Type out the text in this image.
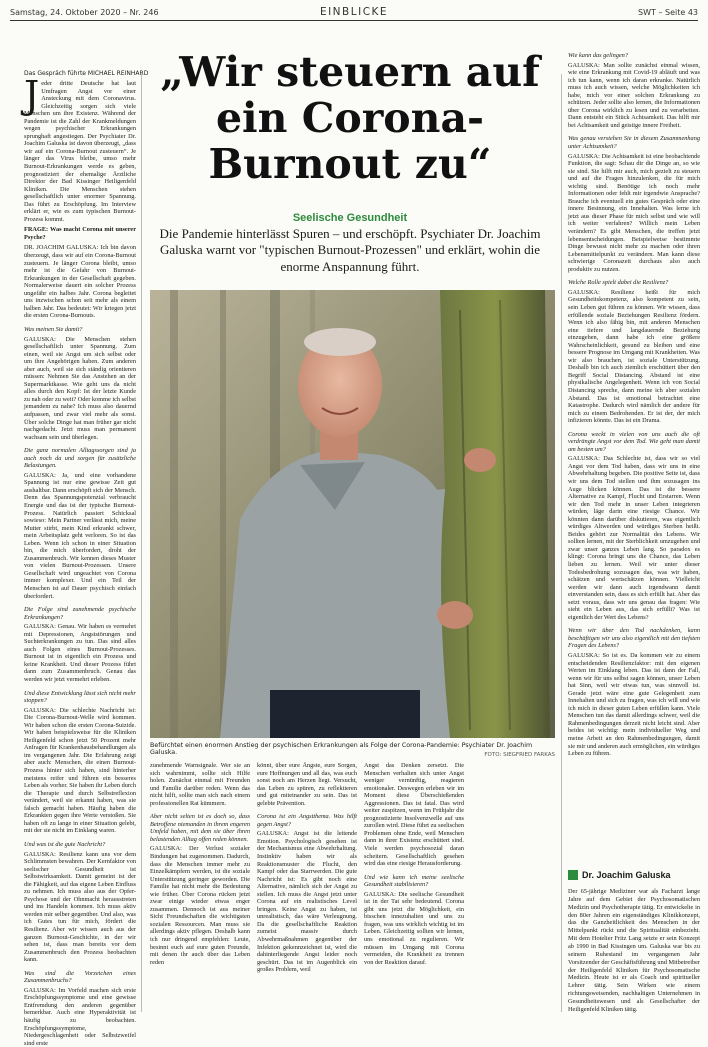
Samstag, 24. Oktober 2020 – Nr. 246	EINBLICKE	SWT – Seite 43
„Wir steuern auf ein Corona-Burnout zu“
Seelische Gesundheit
Die Pandemie hinterlässt Spuren – und erschöpft. Psychiater Dr. Joachim Galuska warnt vor "typischen Burnout-Prozessen" und erklärt, wohin die enorme Anspannung führt.
Das Gespräch führte MICHAEL REINHARD

Jeder dritte Deutsche hat laut Umfragen Angst vor einer Ansteckung mit dem Coronavirus. Gleichzeitig sorgen sich viele Menschen um ihre Existenz. Während der Pandemie ist die Zahl der Krankmeldungen wegen psychischer Erkrankungen sprunghaft angestiegen. Der Psychiater Dr. Joachim Galuska ist davon überzeugt, „dass wir auf ein Corona-Burnout zusteuern“. Je länger das Virus bleibe, umso mehr Burnout-Erkrankungen werde es geben, prognostiziert der ehemalige Ärztliche Direktor der Bad Kissinger Heiligenfeld Kliniken. Die Menschen stehen gesellschaftlich unter enormer Spannung. Das führt zu Erschöpfung. Im Interview erklärt er, wie es zum typischen Burnout-Prozess kommt.

FRAGE: Was macht Corona mit unserer Psyche?

DR. JOACHIM GALUSKA: Ich bin davon überzeugt, dass wir auf ein Corona-Burnout zusteuern. Je länger Corona bleibt, umso mehr ist die Gefahr von Burnout-Erkrankungen in der Gesellschaft gegeben. Normalerweise dauert ein solcher Prozess ungefähr ein halbes Jahr. Corona begleitet uns inzwischen schon seit mehr als einem halben Jahr. Das bedeutet: Wir kriegen jetzt die ersten Corona-Burnouts.

Was meinen Sie damit?

GALUSKA: Die Menschen stehen gesellschaftlich unter Spannung. Zum einen, weil sie Angst um sich selbst oder um ihre Angehörigen haben. Zum anderen aber auch, weil sie sich ständig orientieren müssen: Nehmen Sie das Anstehen an der Supermarktkasse. Wie geht uns da nicht alles durch den Kopf: Ist der letzte Kunde zu nah oder zu weit? Oder komme ich selbst jemandem zu nahe? Ich muss also dauernd aufpassen, und zwar viel mehr als sonst. Über solche Dinge hat man früher gar nicht nachgedacht. Jetzt muss man permanent wachsam sein und überlegen.

Die ganz normalen Alltagssorgen sind ja auch noch da und sorgen für zusätzliche Belastungen.

GALUSKA: Ja, und eine vorhandene Spannung ist nur eine gewisse Zeit gut aushaltbar. Dann erschöpft sich der Mensch. Denn das Spannungspotenzial verbraucht Energie und das ist der typische Burnout-Prozess. Natürlich passiert Schicksal sowieso: Mein Partner verlässt mich, meine Mutter stirbt, mein Kind erkrankt schwer, mein Arbeitsplatz geht verloren. So ist das Leben. Wenn ich schon in einer Situation bin, die mich überfordert, droht der Zusammenbruch. Wir kennen dieses Muster von vielen Burnout-Prozessen. Unsere Gesellschaft wird ungeachtet von Corona immer komplexer. Und ein Teil der Menschen ist auf Dauer psychisch einfach überfordert.

Die Folge sind zunehmende psychische Erkrankungen?

GALUSKA: Genau. Wir haben es vermehrt mit Depressionen, Angststörungen und Suchterkrankungen zu tun. Das sind alles auch Folgen eines Burnout-Prozesses. Burnout ist in eigentlich ein Prozess und keine Krankheit. Und dieser Prozess führt dann zum Zusammenbruch. Genau das werden wir jetzt vermehrt erleben.

Und diese Entwicklung lässt sich nicht mehr stoppen?

GALUSKA: Die schlechte Nachricht ist: Die Corona-Burnout-Welle wird kommen. Wir haben schon die ersten Corona-Suizide. Wir haben beispielsweise für die Kliniken Heiligenfeld schon jetzt 50 Prozent mehr Anfragen für Krankenhausbehandlungen als im vergangenen Jahr. Die Erfahrung zeigt aber auch: Menschen, die einen Burnout-Prozess hinter sich haben, sind hinterher meistens reifer und führen ein besseres Leben als vorher. Sie haben ihr Leben durch die Therapie und durch Selbstreflexion verändert, weil sie erkannt haben, was sie falsch gemacht haben. Häufig haben die Erkrankten gegen ihre Werte verstoßen. Sie haben oft zu lange in einer Situation gelebt, mit der sie nicht im Einklang waren.

Und was ist die gute Nachricht?

GALUSKA: Resilienz kann uns vor dem Schlimmsten bewahren. Der Kernfaktor von seelischer Gesundheit ist Selbstwirksamkeit. Damit gemeint ist der die Fähigkeit, auf das eigene Leben Einfluss zu nehmen. Ich muss also aus der Opfer-Psychose und der Ohnmacht herausstreten und ins Handeln kommen. Ich muss aktiv werden mir selber gegenüber. Und also, was ich Gutes tun für mich, fördert die Resilienz. Aber wir wissen auch aus der ganzen Burnout-Geschichte, in der wir sehen ist, dass man bereits vor dem Zusammenbruch den Prozess beobachten kann.

Was sind die Vorzeichen eines Zusammenbruchs?

GALUSKA: Im Vorfeld machen sich erste Erschöpfungssymptome und eine gewisse Entfremdung den anderen gegenüber bemerkbar. Auch eine Hyperaktivität ist häufig zu beobachten. Erschöpfungssymptome, Niedergeschlagenheit oder Selbstzweifel sind erste

Befürchtet einen enormen Anstieg der psychischen Erkrankungen als Folge der Corona-Pandemie: Psychiater Dr. Joachim Galuska.	FOTO: SIEGFRIED FARKAS

zunehmende Warnsignale. Wer sie an sich wahrnimmt, sollte sich Hilfe holen. Zunächst einmal mit Freunden und Familie darüber reden. Wenn das nicht hilft, sollte man sich nach einem professionellen Rat kümmern.

Aber nicht selten ist es doch so, dass Betroffene niemanden in ihrem engeren Umfeld haben, mit dem sie über ihren belastenden Alltag offen reden können.

GALUSKA: Der Verlust sozialer Bindungen hat zugenommen. Dadurch, dass die Menschen immer mehr zu Einzelkämpfern werden, ist die soziale Unterstützung geringer geworden. Die Familie hat nicht mehr die Bedeutung wie früher. Über Corona rücken jetzt zwar einige wieder etwas enger zusammen. Dennoch ist aus meiner Sicht Freundschaften die wichtigsten sozialen Ressourcen. Man muss sie allerdings aktiv pflegen. Deshalb kann ich nur dringend empfehlen: Leute, besinnt euch auf eure guten Freunde, mit denen ihr auch über das Leben reden

könnt, über eure Ängste, eure Sorgen, eure Hoffnungen und all das, was euch sonst noch am Herzen liegt. Versucht, das Leben zu spüren, zu reflektieren und gut miteinander zu sein. Das ist gelebte Prävention.

Corona ist ein Angstthema. Was hilft gegen Angst?

GALUSKA: Angst ist die leitende Emotion. Psychologisch gesehen ist der Mechanismus eine Abwehrhaltung. Instinktiv haben wir als Reaktionsmuster die Flucht, den Kampf oder das Starrwerden. Die gute Nachricht ist: Es gibt noch eine Alternative, nämlich sich der Angst zu stellen. Ich muss die Angst jetzt unter Corona auf ein realistisches Level bringen. Keine Angst zu haben, ist unrealistisch, das wäre Verleugnung. Da die gesellschaftliche Reaktion zumeist massiv durch Abwehrmaßnahmen gegenüber der Infektion gekennzeichnet ist, wird die dahinterliegende Angst leider noch geschürt. Das ist im Augenblick ein großes Problem, weil

Angst das Denken zersetzt. Die Menschen verhalten sich unter Angst weniger vernünftig, reagieren emotionaler. Deswegen erleben wir im Moment diese Überschießenden Aggressionen. Das ist fatal. Das wird weiter zuspitzen, wenn im Frühjahr die prognostizierte Insolvenzwelle auf uns zurollen wird. Diese führt zu seelischen Problemen ohne Ende, weil Menschen dann in ihrer Existenz erschüttert sind. Viele werden psychosozial daran scheitern. Gesellschaftlich gesehen wird das eine riesige Herausforderung.

Und wie kann ich meine seelische Gesundheit stabilisieren?

GALUSKA: Die seelische Gesundheit ist in der Tat sehr bedeutend. Corona gibt uns jetzt die Möglichkeit, ein bisschen innezuhalten und uns zu fragen, was uns wirklich wichtig ist im Leben. Gleichzeitig sollten wir lernen, uns emotional zu regulieren. Wir müssen im Umgang mit Corona vermeiden, die Krankheit zu trennen von der Reaktion darauf.

Wie kann das gelingen?

GALUSKA: Man sollte zunächst einmal wissen, wie eine Erkrankung mit Covid-19 abläuft und was ich tun kann, wenn ich daran erkranke. Natürlich muss ich auch wissen, welche Möglichkeiten ich habe, mich vor einer solchen Erkrankung zu schützen. Jeder sollte also lernen, die Informationen über Corona wirklich zu lesen und zu verarbeiten. Dann entsteht ein Stück Achtsamkeit. Das hilft mir bei Achtsamkeit und geistige innere Freiheit.

Was genau verstehen Sie in diesem Zusammenhang unter Achtsamkeit?

GALUSKA: Die Achtsamkeit ist eine beobachtende Funktion, die sagt: Schau dir die Dinge an, so wie sie sind. Sie hilft mir auch, mich gezielt zu steuern und auf die Fragen hinzulenken, die für mich wichtig sind. Benötige ich noch mehr Informationen oder fehlt mir irgendwie Ansprache? Brauche ich eventuell ein gutes Gespräch oder eine innere Besinnung, ein Innehalten. Was lerne ich jetzt aus dieser Phase für mich selbst und wie will ich weiter verfahren? Willich mein Leben verändern? Es gibt Menschen, die treffen jetzt lebensentscheidungen. Beispielweise bestimmte Dinge bewusst nicht mehr zu machen oder ihren Lebensmittelpunkt zu verändern. Man kann diese schwierige Coronazeit durchaus also auch produktiv zu nutzen.

Welche Rolle spielt dabei die Resilienz?

GALUSKA: Resilienz heißt für mich Gesundheitskompetenz, also kompetent zu sein, sein Leben gut führen zu können. Wir wissen, dass erfüllende soziale Beziehungen Resilienz fördern. Wenn ich also fähig bin, mit anderen Menschen eine tiefere und langdauernde Beziehung einzugehen, dann habe ich eine größere Wahrscheinlichkeit, gesund zu bleiben und eine bessere Prognose im Umgang mit Krankheiten. Was wir also brauchen, ist soziale Unterstützung. Deshalb bin ich auch ziemlich erschüttert über den Begriff Social Distancing. Abstand ist eine physikalische Angelegenheit. Wenn ich von Social Distancing spreche, dann meine ich aber sozialen Abstand. Das ist emotional betrachtet eine Katastrophe. Dadurch wird nämlich der andere für mich zu einem Bedrohenden. Er ist der, der mich infizieren könnte. Das ist ein Drama.

Corona weckt in vielen von uns auch die oft verdrängte Angst vor dem Tod. Wie geht man damit am besten um?

GALUSKA: Das Schlechte ist, dass wir so viel Angst vor dem Tod haben, dass wir uns in eine Abwehrhaltung begeben. Die positive Seite ist, dass wir uns dem Tod stellen und ihm sozusagen ins Auge blicken können. Das ist die bessere Alternative zu Kampf, Flucht und Erstarren. Wenn wir den Tod mehr in unser Leben integrieren würden, läge darin eine riesige Chance. Wir könnten dann darüber diskutieren, was eigentlich würdiges Altwerden und würdiges Sterben heißt. Beides gehört zur Normalität des Lebens. Wir sollten lernen, mit der Sterblichkeit umzugehen und zwar unser ganzes Leben lang. So paradox es klingt: Corona bringt uns die Chance, das Leben lieben zu lernen. Weil wir unter dieser Todesbedrohung sozusagen das, was wir haben, schätzen und wertschätzen können. Vielleicht werden wir dann auch irgendwann damit einverstanden sein, dass es sich erfüllt hat. Aber das setzt voraus, dass wir uns genau das fragen: Wie sieht ein Leben aus, das sich erfüllt? Was ist eigentlich der Wert des Lebens?

Wenn wir über den Tod nachdenken, kann beschäftigen wir uns also eigentlich mit den tiefsten Fragen des Lebens?

GALUSKA: So ist es. Da kommen wir zu einem entscheidenden Resilienzfaktor: mit den eigenen Werten im Einklang leben. Das ist dann der Fall, wenn wir für uns selbst sagen können, unser Leben hat Sinn, weil wir etwas tun, was sinnvoll ist. Gerade jetzt wäre eine gute Gelegenheit zum Innehalten und sich zu fragen, was ich will und wie ich mich in dieser guten Leben erfüllen kann. Viele Menschen tun das damit allerdings schwer, weil die Rahmenbedingungen derzeit nicht leicht sind. Aber beides ist wichtig: mein individueller Weg und meine Arbeit an den Rahmenbedingungen, damit sie mir und anderen auch ermöglichen, ein würdiges Leben zu führen.

Dr. Joachim Galuska
Der 65-jährige Mediziner war als Facharzt lange Jahre auf dem Gebiet der Psychosomatischen Medizin und Psychotherapie tätig. Er entwickelte in den 80er Jahren ein eigenständiges Klinikkonzept, das die Ganzheitlichkeit des Menschen in der Mittelpunkt rückt und die Spiritualität einbezieht. Mit dem Hotelier Fritz Lang setzte er sein Konzept ab 1990 in Bad Kissingen um. Galuska war bis zu seinem Ruhestand im vergangenen Jahr Vorsitzender der Geschäftsführung und Mitbetreiber der Heiligenfeld Kliniken für Psychosomatische Medizin. Heute ist er als Coach und spiritueller Lehrer tätig. Sein Wirken wie einem richtungsweisenden, nachhaltigen Unternehmen in Gesundheitswesen und als Gesellschafter der Heiligenfeld Kliniken tätig.
